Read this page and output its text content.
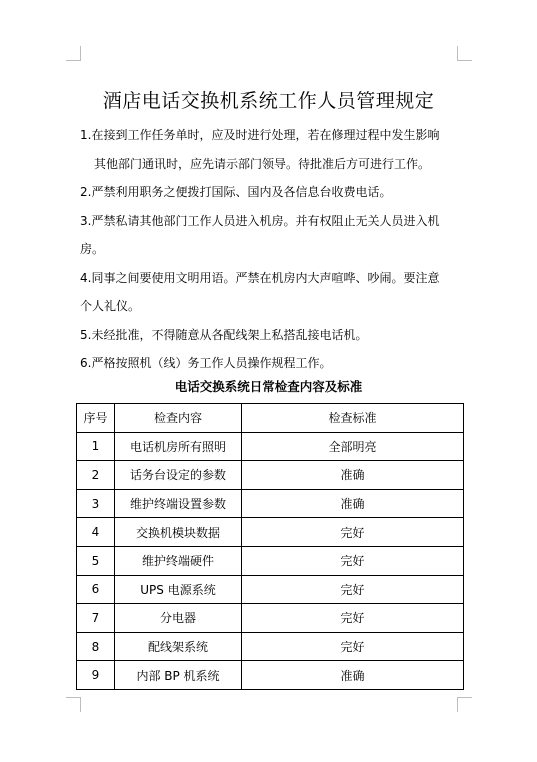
酒店电话交换机系统工作人员管理规定
1.在接到工作任务单时，应及时进行处理，若在修理过程中发生影响
其他部门通讯时，应先请示部门领导。待批准后方可进行工作。
2.严禁利用职务之便拨打国际、国内及各信息台收费电话。
3.严禁私请其他部门工作人员进入机房。并有权阻止无关人员进入机
房。
4.同事之间要使用文明用语。严禁在机房内大声喧哗、吵闹。要注意
个人礼仪。
5.未经批准，不得随意从各配线架上私搭乱接电话机。
6.严格按照机（线）务工作人员操作规程工作。
电话交换系统日常检查内容及标准
序号	检查内容	检查标准
1	电话机房所有照明	全部明亮
2	话务台设定的参数	准确
3	维护终端设置参数	准确
4	交换机模块数据	完好
5	维护终端硬件	完好
6	UPS 电源系统	完好
7	分电器	完好
8	配线架系统	完好
9	内部 BP 机系统	准确
